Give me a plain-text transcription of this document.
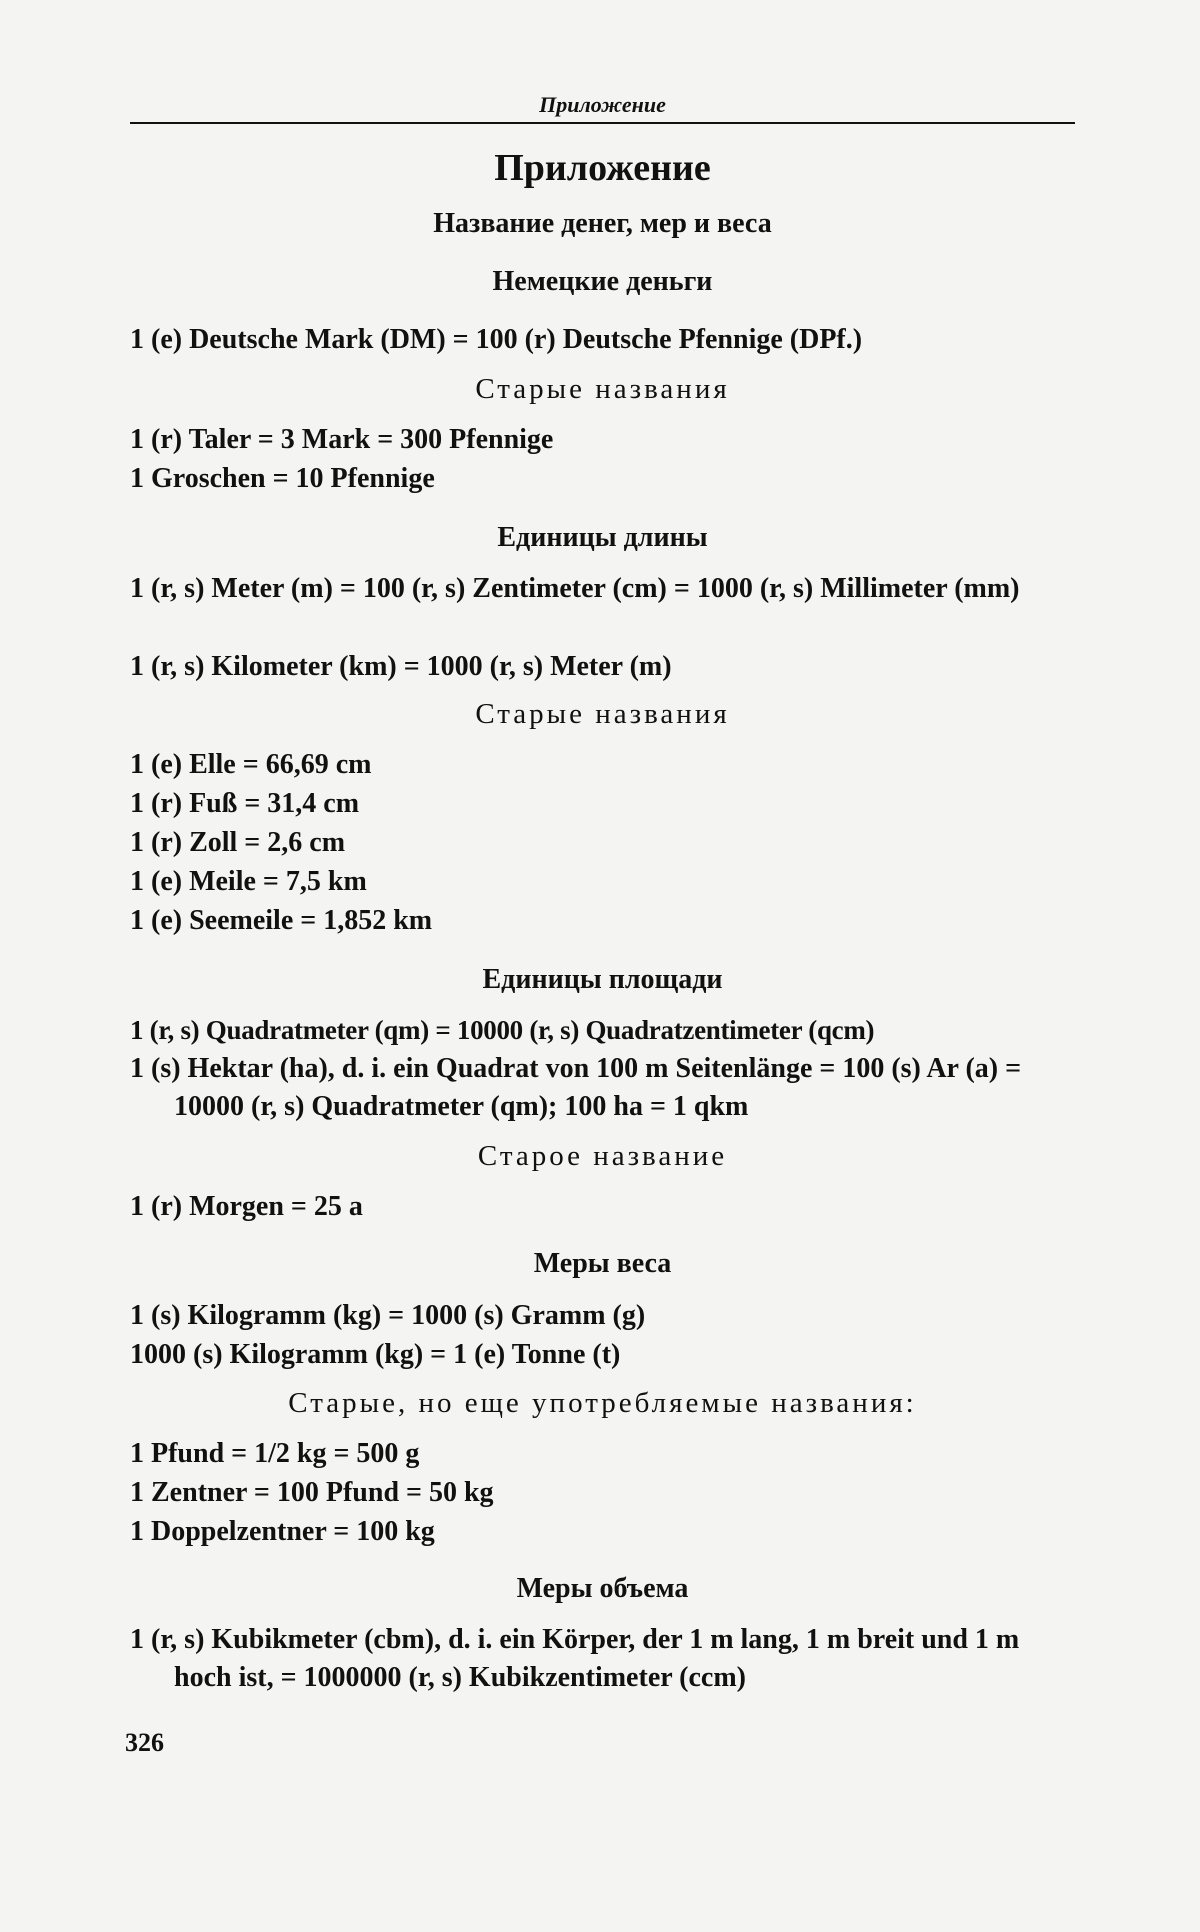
Приложение
Приложение
Название денег, мер и веса
Немецкие деньги
1 (e) Deutsche Mark (DM) = 100 (r) Deutsche Pfennige (DPf.)
Старые названия
1 (r) Taler = 3 Mark = 300 Pfennige
1 Groschen = 10 Pfennige
Единицы длины
1 (r, s) Meter (m) = 100 (r, s) Zentimeter (cm) = 1000 (r, s) Millimeter (mm)
1 (r, s) Kilometer (km) = 1000 (r, s) Meter (m)
Старые названия
1 (e) Elle = 66,69 cm
1 (r) Fuß = 31,4 cm
1 (r) Zoll = 2,6 cm
1 (e) Meile = 7,5 km
1 (e) Seemeile = 1,852 km
Единицы площади
1 (r, s) Quadratmeter (qm) = 10000 (r, s) Quadratzentimeter (qcm)
1 (s) Hektar (ha), d. i. ein Quadrat von 100 m Seitenlänge = 100 (s) Ar (a) = 10000 (r, s) Quadratmeter (qm); 100 ha = 1 qkm
Старое название
1 (r) Morgen = 25 a
Меры веса
1 (s) Kilogramm (kg) = 1000 (s) Gramm (g)
1000 (s) Kilogramm (kg) = 1 (e) Tonne (t)
Старые, но еще употребляемые названия:
1 Pfund = 1/2 kg = 500 g
1 Zentner = 100 Pfund = 50 kg
1 Doppelzentner = 100 kg
Меры объема
1 (r, s) Kubikmeter (cbm), d. i. ein Körper, der 1 m lang, 1 m breit und 1 m hoch ist, = 1000000 (r, s) Kubikzentimeter (ccm)
326
